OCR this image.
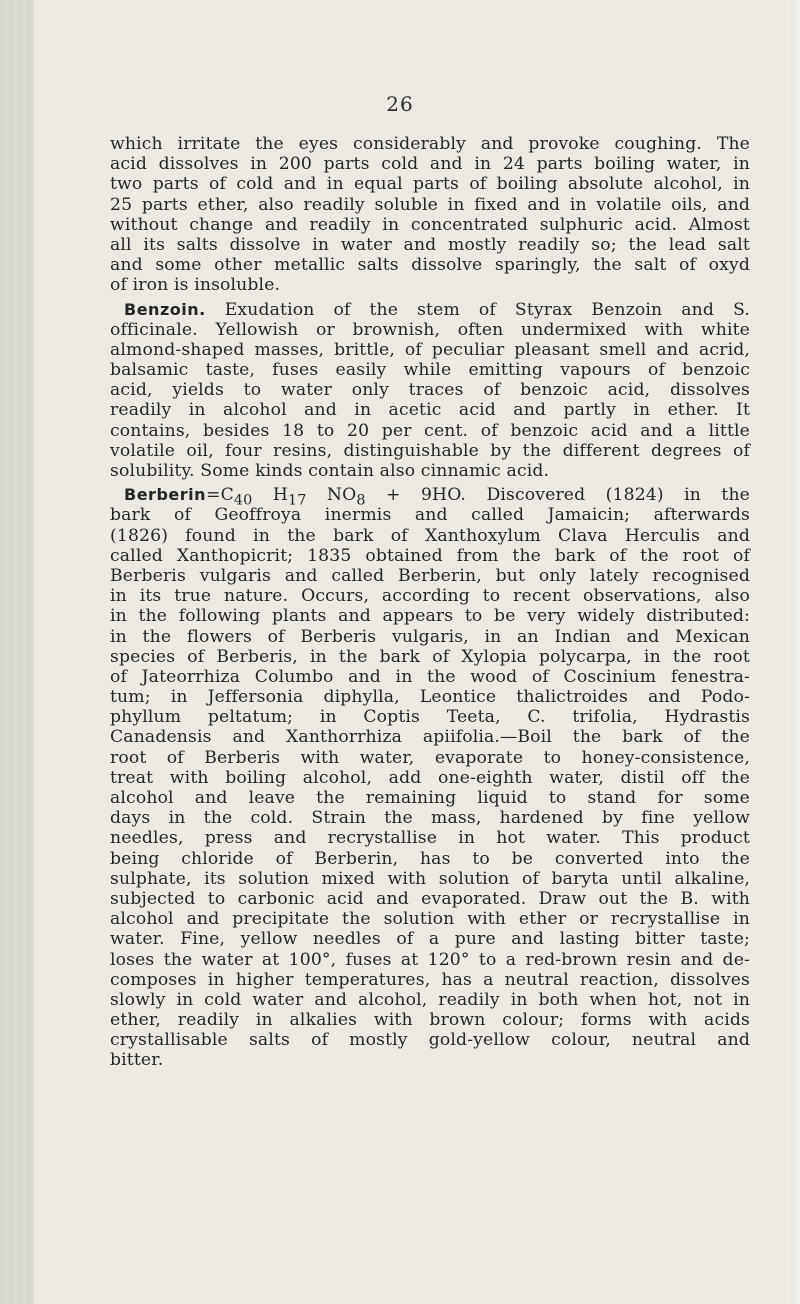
26
which irritate the eyes considerably and provoke coughing. The
acid dissolves in 200 parts cold and in 24 parts boiling water, in
two parts of cold and in equal parts of boiling absolute alcohol, in
25 parts ether, also readily soluble in fixed and in volatile oils, and
without change and readily in concentrated sulphuric acid. Almost
all its salts dissolve in water and mostly readily so; the lead salt
and some other metallic salts dissolve sparingly, the salt of oxyd
of iron is insoluble.
Benzoin. Exudation of the stem of Styrax Benzoin and S.
officinale. Yellowish or brownish, often undermixed with white
almond-shaped masses, brittle, of peculiar pleasant smell and acrid,
balsamic taste, fuses easily while emitting vapours of benzoic
acid, yields to water only traces of benzoic acid, dissolves
readily in alcohol and in acetic acid and partly in ether. It
contains, besides 18 to 20 per cent. of benzoic acid and a little
volatile oil, four resins, distinguishable by the different degrees of
solubility. Some kinds contain also cinnamic acid.
$Berberin=C_{40}$ $H_{17}$ $NO_8 + 9HO$. Discovered (1824) in the
bark of Geoffroya inermis and called Jamaicin; afterwards
(1826) found in the bark of Xanthoxylum Clava Herculis and
called Xanthopicrit; 1835 obtained from the bark of the root of
Berberis vulgaris and called Berberin, but only lately recognised
in its true nature. Occurs, according to recent observations, also
in the following plants and appears to be very widely distributed:
in the flowers of Berberis vulgaris, in an Indian and Mexican
species of Berberis, in the bark of Xylopia polycarpa, in the root
of Jateorrhiza Columbo and in the wood of Coscinium fenestra-
tum; in Jeffersonia diphylla, Leontice thalictroides and Podo-
phyllum peltatum; in Coptis Teeta, C. trifolia, Hydrastis
Canadensis and Xanthorrhiza apiifolia.—Boil the bark of the
root of Berberis with water, evaporate to honey-consistence,
treat with boiling alcohol, add one-eighth water, distil off the
alcohol and leave the remaining liquid to stand for some
days in the cold. Strain the mass, hardened by fine yellow
needles, press and recrystallise in hot water. This product
being chloride of Berberin, has to be converted into the
sulphate, its solution mixed with solution of baryta until alkaline,
subjected to carbonic acid and evaporated. Draw out the B. with
alcohol and precipitate the solution with ether or recrystallise in
water. Fine, yellow needles of a pure and lasting bitter taste;
loses the water at 100°, fuses at 120° to a red-brown resin and de-
composes in higher temperatures, has a neutral reaction, dissolves
slowly in cold water and alcohol, readily in both when hot, not in
ether, readily in alkalies with brown colour; forms with acids
crystallisable salts of mostly gold-yellow colour, neutral and
bitter.
